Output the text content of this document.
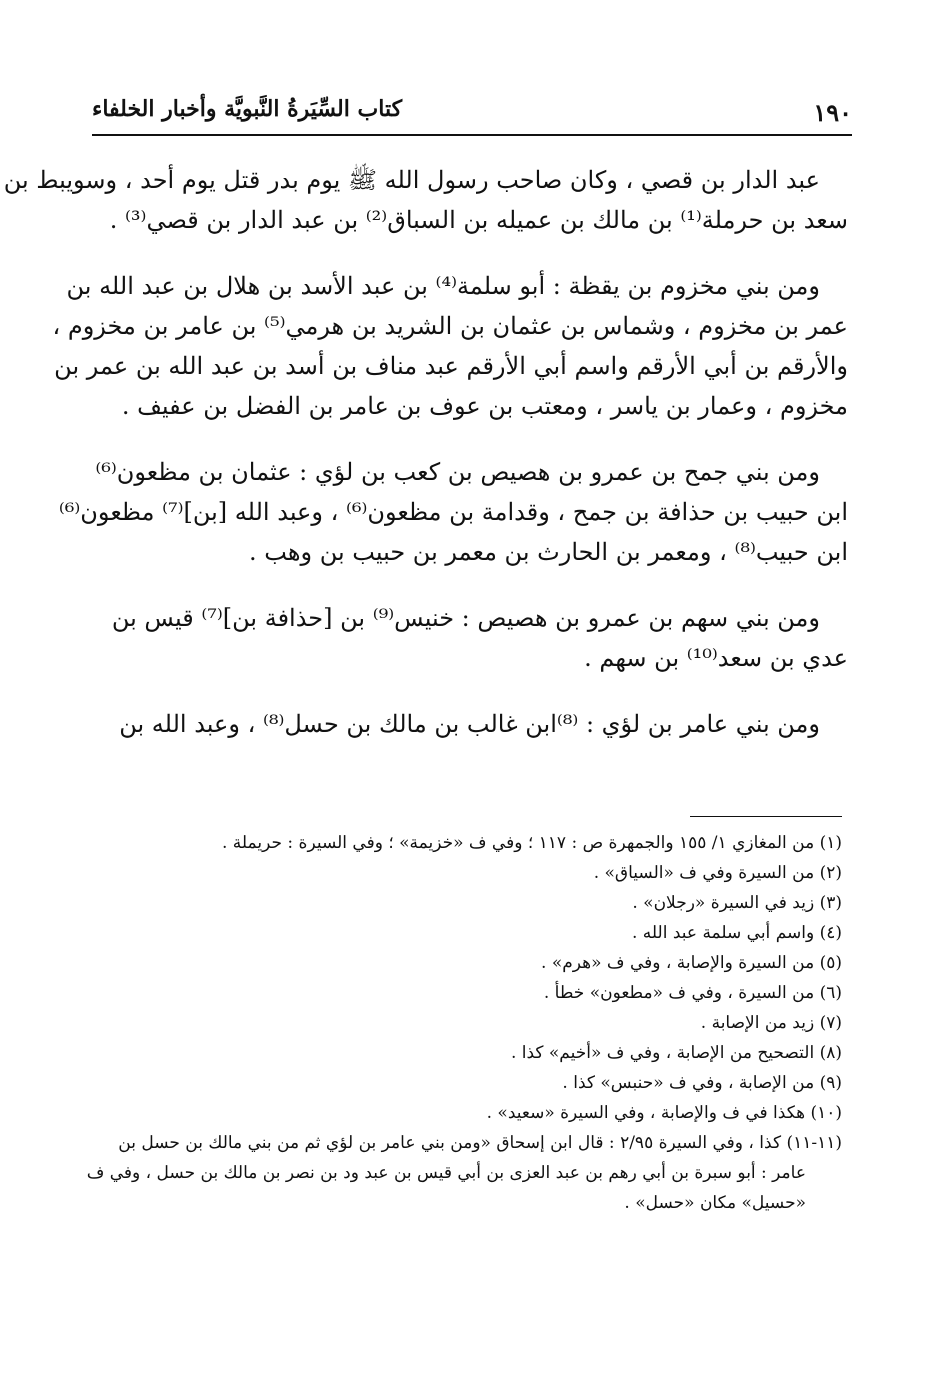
١٩٠
كتاب السِّيَرةُ النَّبويَّة وأخبار الخلفاء
عبد الدار بن قصي ، وكان صاحب رسول الله ﷺ يوم بدر قتل يوم أحد ، وسويبط بن
سعد بن حرملة⁽¹⁾ بن مالك بن عميله بن السباق⁽²⁾ بن عبد الدار بن قصي⁽³⁾ .
ومن بني مخزوم بن يقظة : أبو سلمة⁽⁴⁾ بن عبد الأسد بن هلال بن عبد الله بن
عمر بن مخزوم ، وشماس بن عثمان بن الشريد بن هرمي⁽⁵⁾ بن عامر بن مخزوم ،
والأرقم بن أبي الأرقم واسم أبي الأرقم عبد مناف بن أسد بن عبد الله بن عمر بن
مخزوم ، وعمار بن ياسر ، ومعتب بن عوف بن عامر بن الفضل بن عفيف .
ومن بني جمح بن عمرو بن هصيص بن كعب بن لؤي : عثمان بن مظعون⁽⁶⁾
ابن حبيب بن حذافة بن جمح ، وقدامة بن مظعون⁽⁶⁾ ، وعبد الله [بن]⁽⁷⁾ مظعون⁽⁶⁾
ابن حبيب⁽⁸⁾ ، ومعمر بن الحارث بن معمر بن حبيب بن وهب .
ومن بني سهم بن عمرو بن هصيص : خنيس⁽⁹⁾ بن [حذافة بن]⁽⁷⁾ قيس بن
عدي بن سعد⁽¹⁰⁾ بن سهم .
ومن بني عامر بن لؤي : ⁽⁸⁾ابن غالب بن مالك بن حسل⁽⁸⁾ ، وعبد الله بن
(١) من المغازي ١/ ١٥٥ والجمهرة ص : ١١٧ ؛ وفي ف «خزيمة» ؛ وفي السيرة : حريملة .
(٢) من السيرة وفي ف «السياق» .
(٣) زيد في السيرة «رجلان» .
(٤) واسم أبي سلمة عبد الله .
(٥) من السيرة والإصابة ، وفي ف «هرم» .
(٦) من السيرة ، وفي ف «مطعون» خطأ .
(٧) زيد من الإصابة .
(٨) التصحيح من الإصابة ، وفي ف «أخيم» كذا .
(٩) من الإصابة ، وفي ف «حنبس» كذا .
(١٠) هكذا في ف والإصابة ، وفي السيرة «سعيد» .
(١١-١١) كذا ، وفي السيرة ٢/٩٥ : قال ابن إسحاق «ومن بني عامر بن لؤي ثم من بني مالك بن حسل بن
عامر : أبو سبرة بن أبي رهم بن عبد العزى بن أبي قيس بن عبد ود بن نصر بن مالك بن حسل ، وفي ف
«حسيل» مكان «حسل» .
